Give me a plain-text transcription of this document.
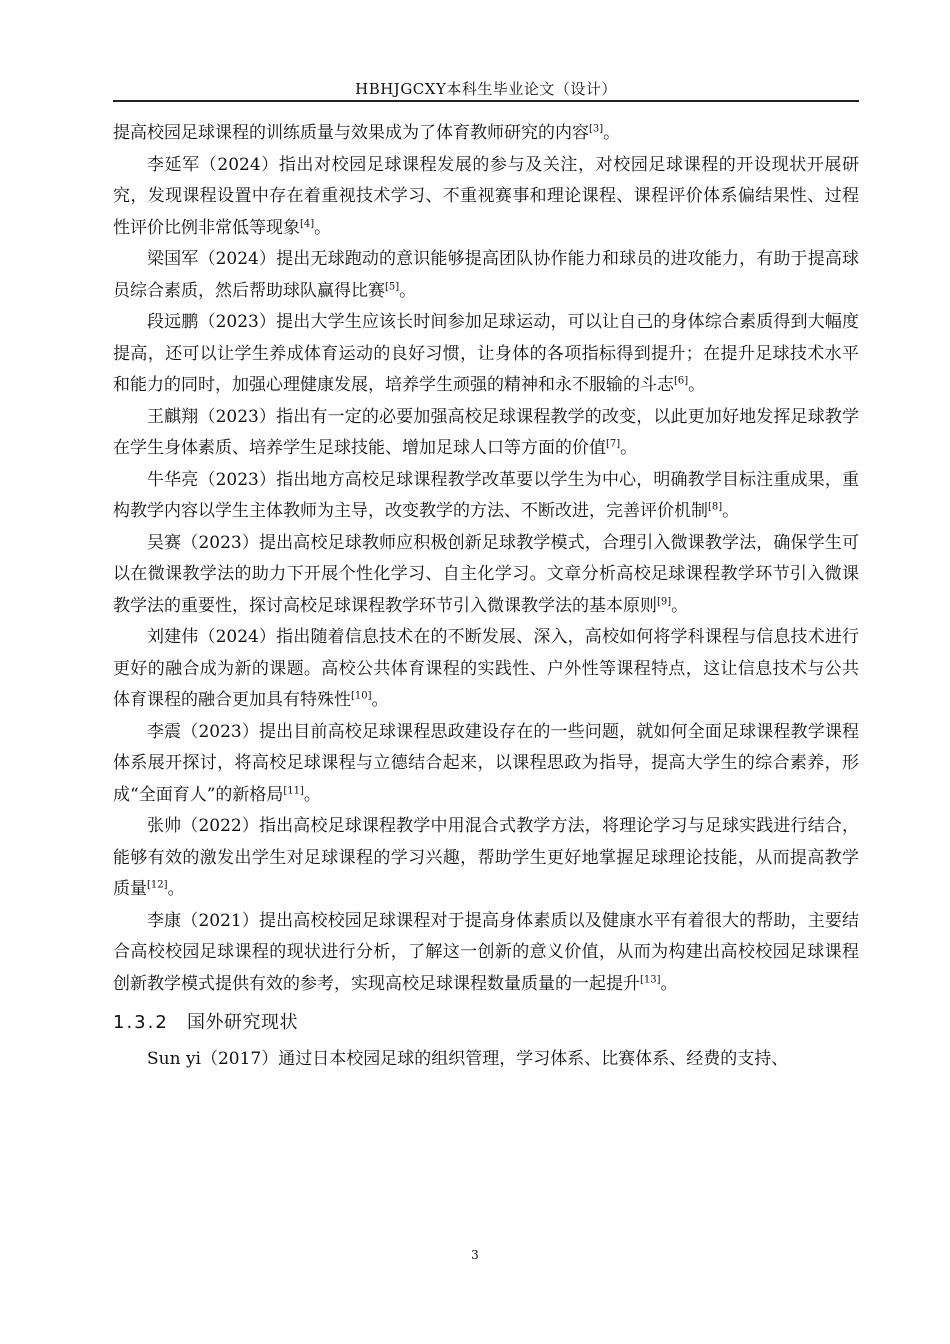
HBHJGCXY本科生毕业论文（设计）

提高校园足球课程的训练质量与效果成为了体育教师研究的内容[3]。

李延军（2024）指出对校园足球课程发展的参与及关注，对校园足球课程的开设现状开展研究，发现课程设置中存在着重视技术学习、不重视赛事和理论课程、课程评价体系偏结果性、过程性评价比例非常低等现象[4]。

梁国军（2024）提出无球跑动的意识能够提高团队协作能力和球员的进攻能力，有助于提高球员综合素质，然后帮助球队赢得比赛[5]。

段远鹏（2023）提出大学生应该长时间参加足球运动，可以让自己的身体综合素质得到大幅度提高，还可以让学生养成体育运动的良好习惯，让身体的各项指标得到提升；在提升足球技术水平和能力的同时，加强心理健康发展，培养学生顽强的精神和永不服输的斗志[6]。

王麒翔（2023）指出有一定的必要加强高校足球课程教学的改变，以此更加好地发挥足球教学在学生身体素质、培养学生足球技能、增加足球人口等方面的价值[7]。

牛华亮（2023）指出地方高校足球课程教学改革要以学生为中心，明确教学目标注重成果，重构教学内容以学生主体教师为主导，改变教学的方法、不断改进，完善评价机制[8]。

吴赛（2023）提出高校足球教师应积极创新足球教学模式，合理引入微课教学法，确保学生可以在微课教学法的助力下开展个性化学习、自主化学习。文章分析高校足球课程教学环节引入微课教学法的重要性，探讨高校足球课程教学环节引入微课教学法的基本原则[9]。

刘建伟（2024）指出随着信息技术在的不断发展、深入，高校如何将学科课程与信息技术进行更好的融合成为新的课题。高校公共体育课程的实践性、户外性等课程特点，这让信息技术与公共体育课程的融合更加具有特殊性[10]。

李震（2023）提出目前高校足球课程思政建设存在的一些问题，就如何全面足球课程教学课程体系展开探讨，将高校足球课程与立德结合起来，以课程思政为指导，提高大学生的综合素养，形成“全面育人”的新格局[11]。

张帅（2022）指出高校足球课程教学中用混合式教学方法，将理论学习与足球实践进行结合，能够有效的激发出学生对足球课程的学习兴趣，帮助学生更好地掌握足球理论技能，从而提高教学质量[12]。

李康（2021）提出高校校园足球课程对于提高身体素质以及健康水平有着很大的帮助，主要结合高校校园足球课程的现状进行分析，了解这一创新的意义价值，从而为构建出高校校园足球课程创新教学模式提供有效的参考，实现高校足球课程数量质量的一起提升[13]。

1.3.2 国外研究现状

Sun yi（2017）通过日本校园足球的组织管理，学习体系、比赛体系、经费的支持、

3
